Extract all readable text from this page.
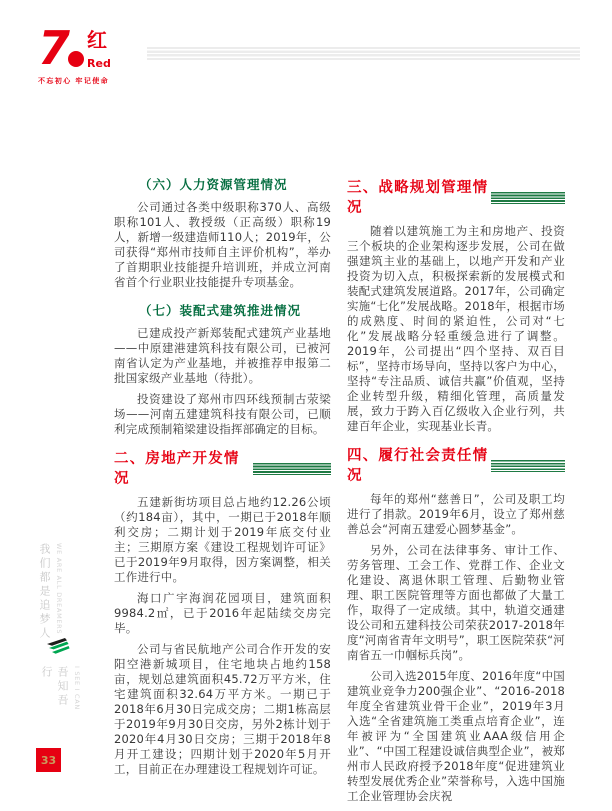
7 红
Red
不忘初心 牢记使命
我们都是追梦人 WE ARE ALL DREAMERS
吾知吾行	I SEE I CAN
33
（六）人力资源管理情况

公司通过各类中级职称370人、高级职称101人、教授级（正高级）职称19人，新增一级建造师110人；2019年，公司获得“郑州市技师自主评价机构”，举办了首期职业技能提升培训班，并成立河南省首个行业职业技能提升专项基金。

（七）装配式建筑推进情况

已建成投产新郑装配式建筑产业基地——中原建港建筑科技有限公司，已被河南省认定为产业基地，并被推荐申报第二批国家级产业基地（待批）。

投资建设了郑州市四环线预制古荥梁场——河南五建建筑科技有限公司，已顺利完成预制箱梁建设指挥部确定的目标。

二、房地产开发情况

五建新街坊项目总占地约12.26公顷（约184亩），其中，一期已于2018年顺利交房；二期计划于2019年底交付业主；三期原方案《建设工程规划许可证》已于2019年9月取得，因方案调整，相关工作进行中。

海口广宇海润花园项目，建筑面积9984.2㎡，已于2016年起陆续交房完毕。

公司与省民航地产公司合作开发的安阳空港新城项目，住宅地块占地约158亩，规划总建筑面积45.72万平方米，住宅建筑面积32.64万平方米。一期已于 2018年6月30日完成交房；二期1栋高层于2019年9月30日交房，另外2栋计划于2020年4月30日交房；三期于2018年8月开工建设；四期计划于2020年5月开工，目前正在办理建设工程规划许可证。

三、战略规划管理情况

随着以建筑施工为主和房地产、投资三个板块的企业架构逐步发展，公司在做强建筑主业的基础上，以地产开发和产业投资为切入点，积极探索新的发展模式和装配式建筑发展道路。2017年，公司确定实施“七化”发展战略。2018年，根据市场的成熟度、时间的紧迫性，公司对“七化”发展战略分轻重缓急进行了调整。2019年，公司提出“四个坚持、双百目标”，坚持市场导向，坚持以客户为中心，坚持“专注品质、诚信共赢”价值观，坚持企业转型升级，精细化管理，高质量发展，致力于跨入百亿级收入企业行列，共建百年企业，实现基业长青。

四、履行社会责任情况

每年的郑州“慈善日”，公司及职工均进行了捐款。2019年6月，设立了郑州慈善总会“河南五建爱心圆梦基金”。

另外，公司在法律事务、审计工作、劳务管理、工会工作、党群工作、企业文化建设、离退休职工管理、后勤物业管理、职工医院管理等方面也都做了大量工作，取得了一定成绩。其中，轨道交通建设公司和五建科技公司荣获2017-2018年度“河南省青年文明号”，职工医院荣获“河南省五一巾帼标兵岗”。

公司入选2015年度、2016年度“中国建筑业竞争力200强企业”、“2016-2018年度全省建筑业骨干企业”，2019年3月入选“全省建筑施工类重点培育企业”，连年被评为“全国建筑业AAA级信用企业”、“中国工程建设诚信典型企业”，被郑州市人民政府授予2018年度“促进建筑业转型发展优秀企业”荣誉称号，入选中国施工企业管理协会庆祝
